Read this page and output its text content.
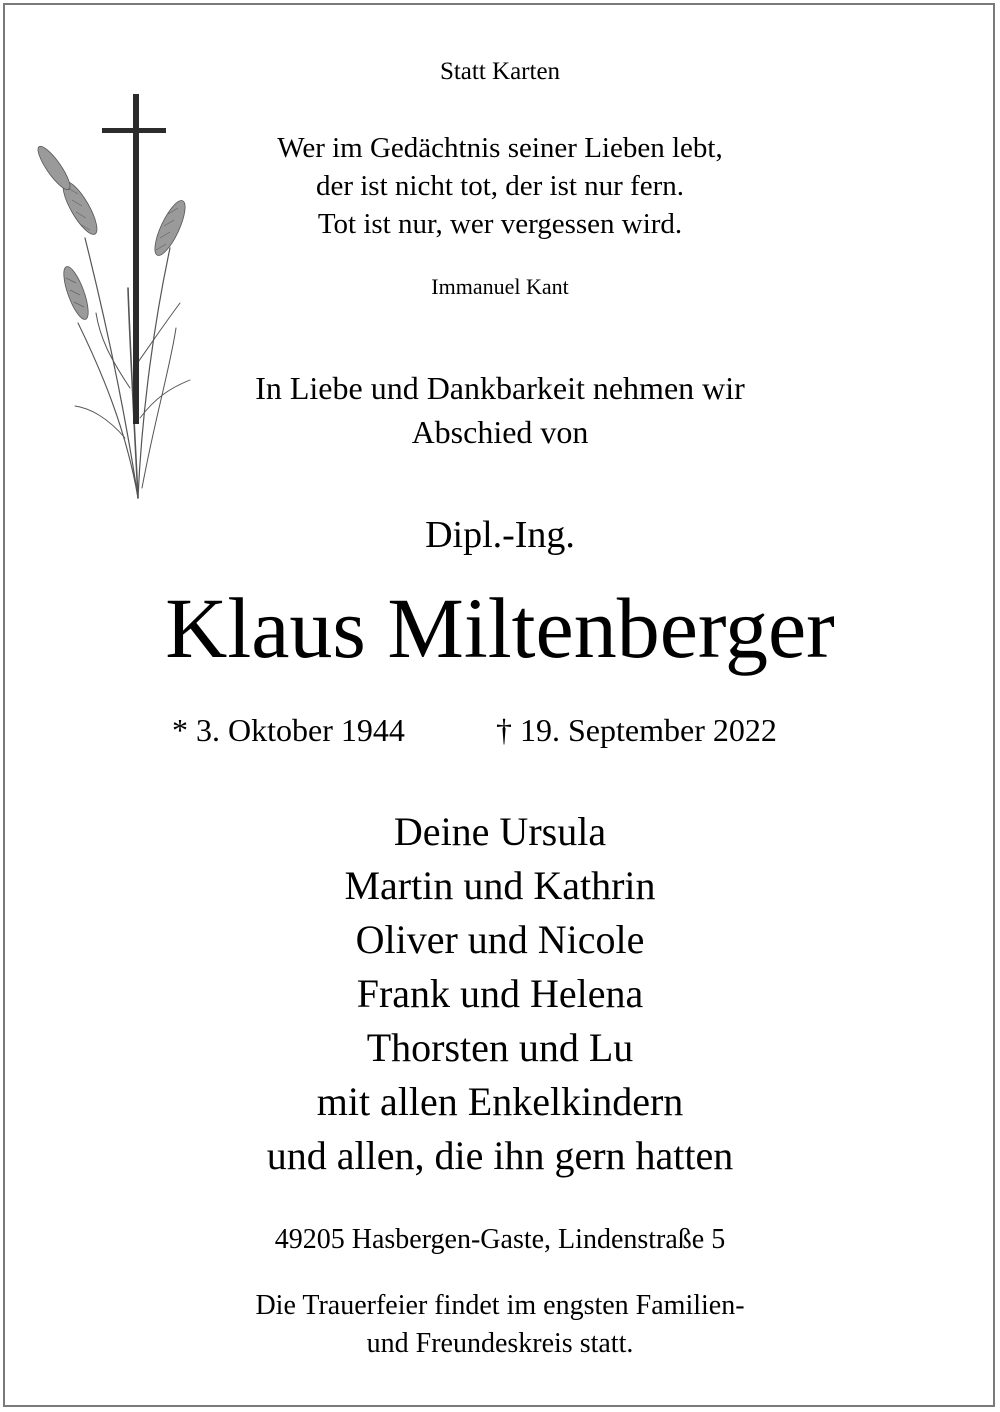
Statt Karten
Wer im Gedächtnis seiner Lieben lebt,
der ist nicht tot, der ist nur fern.
Tot ist nur, wer vergessen wird.
Immanuel Kant
In Liebe und Dankbarkeit nehmen wir
Abschied von
Dipl.-Ing.
Klaus Miltenberger
* 3. Oktober 1944	† 19. September 2022
Deine Ursula
Martin und Kathrin
Oliver und Nicole
Frank und Helena
Thorsten und Lu
mit allen Enkelkindern
und allen, die ihn gern hatten
49205 Hasbergen-Gaste, Lindenstraße 5
Die Trauerfeier findet im engsten Familien-
und Freundeskreis statt.
